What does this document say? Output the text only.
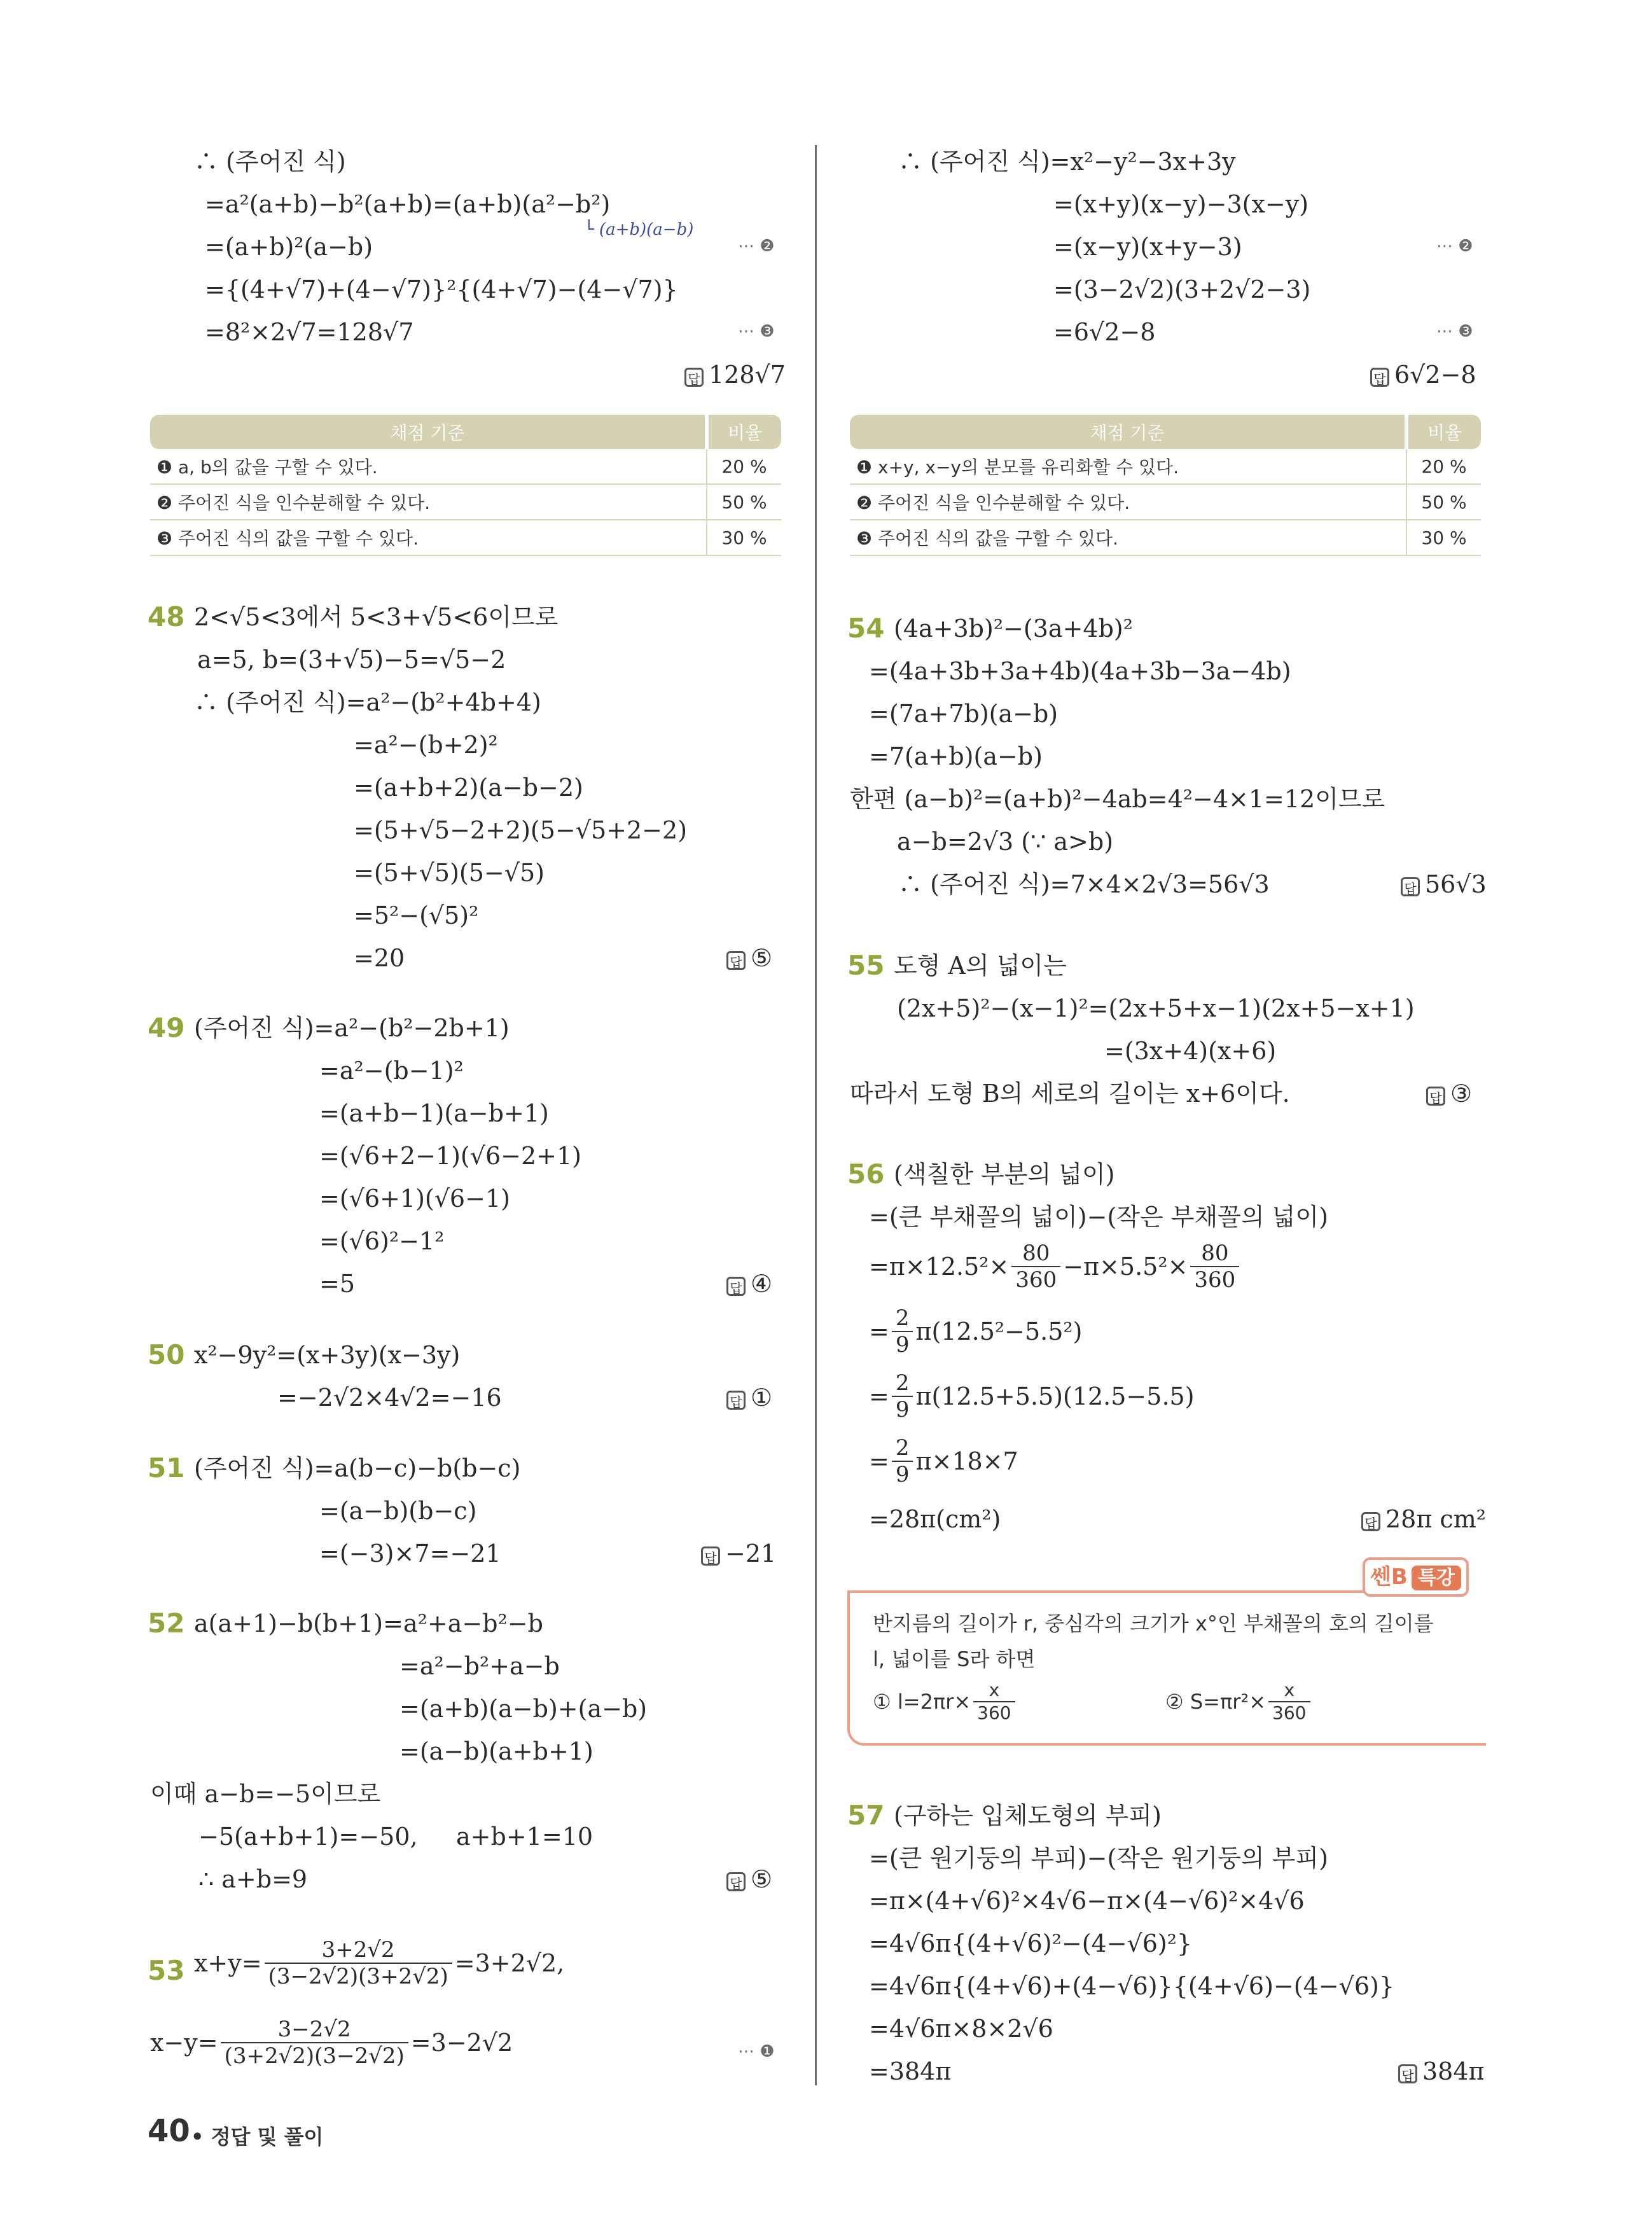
∴ (주어진 식)
=a²(a+b)−b²(a+b)=(a+b)(a²−b²)
└ (a+b)(a−b)
=(a+b)²(a−b)	⋯ ❷
={(4+√7)+(4−√7)}²{(4+√7)−(4−√7)}
=8²×2√7=128√7	⋯ ❸
답 128√7
채점 기준	비율
❶ a, b의 값을 구할 수 있다.	20 %
❷ 주어진 식을 인수분해할 수 있다.	50 %
❸ 주어진 식의 값을 구할 수 있다.	30 %
48 2<√5<3에서 5<3+√5<6이므로
a=5, b=(3+√5)−5=√5−2
∴ (주어진 식)=a²−(b²+4b+4)
=a²−(b+2)²
=(a+b+2)(a−b−2)
=(5+√5−2+2)(5−√5+2−2)
=(5+√5)(5−√5)
=5²−(√5)²
=20	답 ⑤
49 (주어진 식)=a²−(b²−2b+1)
=a²−(b−1)²
=(a+b−1)(a−b+1)
=(√6+2−1)(√6−2+1)
=(√6+1)(√6−1)
=(√6)²−1²
=5	답 ④
50 x²−9y²=(x+3y)(x−3y)
=−2√2×4√2=−16	답 ①
51 (주어진 식)=a(b−c)−b(b−c)
=(a−b)(b−c)
=(−3)×7=−21	답 −21
52 a(a+1)−b(b+1)=a²+a−b²−b
=a²−b²+a−b
=(a+b)(a−b)+(a−b)
=(a−b)(a+b+1)
이때 a−b=−5이므로
−5(a+b+1)=−50,     a+b+1=10
∴ a+b=9	답 ⑤
53 $x+y= \frac{3+2√2}{(3-2√2)(3+2√2)} =3+2√2$,
$x-y= \frac{3-2√2}{(3+2√2)(3-2√2)} =3-2√2$	⋯ ❶
∴ (주어진 식)=x²−y²−3x+3y
=(x+y)(x−y)−3(x−y)
=(x−y)(x+y−3)	⋯ ❷
=(3−2√2)(3+2√2−3)
=6√2−8	⋯ ❸
답 6√2−8
채점 기준	비율
❶ x+y, x−y의 분모를 유리화할 수 있다.	20 %
❷ 주어진 식을 인수분해할 수 있다.	50 %
❸ 주어진 식의 값을 구할 수 있다.	30 %
54 (4a+3b)²−(3a+4b)²
=(4a+3b+3a+4b)(4a+3b−3a−4b)
=(7a+7b)(a−b)
=7(a+b)(a−b)
한편 (a−b)²=(a+b)²−4ab=4²−4×1=12이므로
a−b=2√3 (∵ a>b)
∴ (주어진 식)=7×4×2√3=56√3	답 56√3
55 도형 A의 넓이는
(2x+5)²−(x−1)²=(2x+5+x−1)(2x+5−x+1)
=(3x+4)(x+6)
따라서 도형 B의 세로의 길이는 x+6이다.	답 ③
56 (색칠한 부분의 넓이)
=(큰 부채꼴의 넓이)−(작은 부채꼴의 넓이)
$=\pi\times 12.5^2\times \frac{80}{360} -\pi\times 5.5^2\times \frac{80}{360}$
= $\frac{2}{9} \pi(12.5^2-5.5^2)$
= $\frac{2}{9} \pi(12.5+5.5)(12.5-5.5)$
= $\frac{2}{9} \pi\times 18\times 7$
=28π(cm²)	답 28π cm²
쎈B 특강
반지름의 길이가 r, 중심각의 크기가 x°인 부채꼴의 호의 길이를
l, 넓이를 S라 하면
① $l=2\pi r\times \frac{x}{360}$	② $S=\pi r^2\times \frac{x}{360}$
57 (구하는 입체도형의 부피)
=(큰 원기둥의 부피)−(작은 원기둥의 부피)
=π×(4+√6)²×4√6−π×(4−√6)²×4√6
=4√6π{(4+√6)²−(4−√6)²}
=4√6π{(4+√6)+(4−√6)}{(4+√6)−(4−√6)}
=4√6π×8×2√6
=384π	답 384π
40 • 정답 및 풀이
